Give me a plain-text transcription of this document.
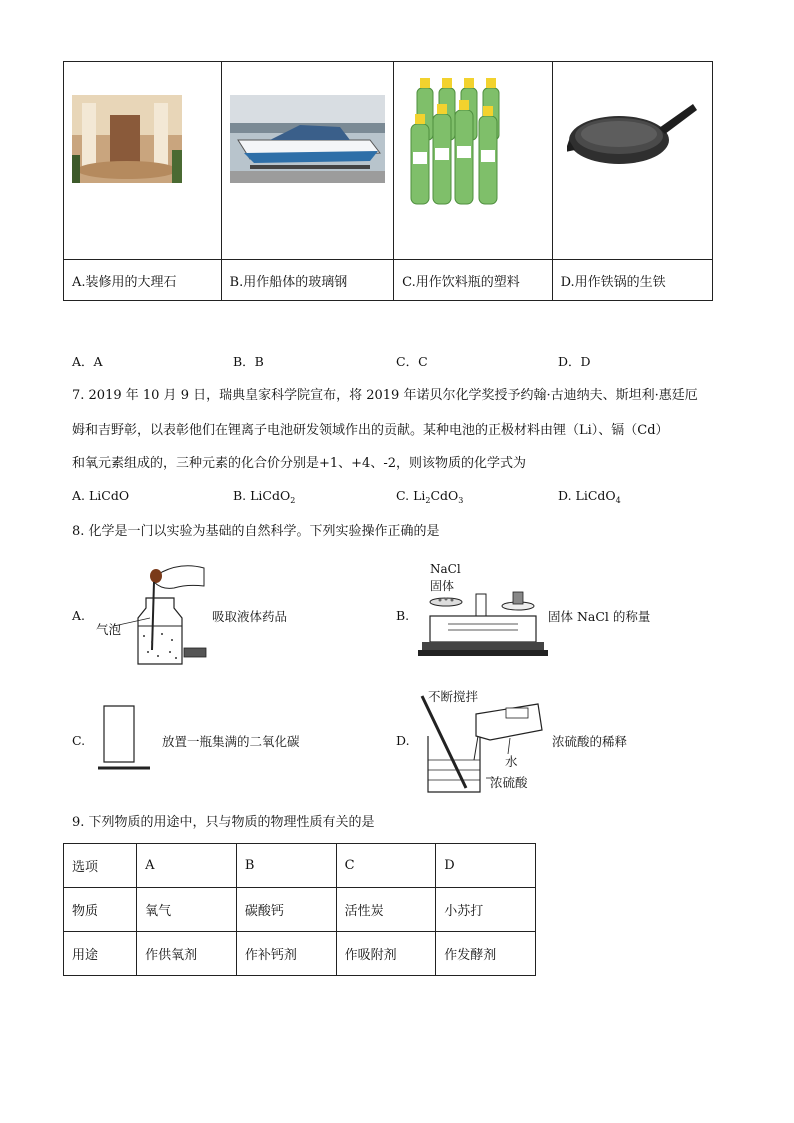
A.装修用的大理石	B.用作船体的玻璃钢	C.用作饮料瓶的塑料	D.用作铁锅的生铁
A．A	B．B	C．C	D．D
7. 2019 年 10 月 9 日，瑞典皇家科学院宣布，将 2019 年诺贝尔化学奖授予约翰·古迪纳夫、斯坦利·惠廷厄
姆和吉野彰，以表彰他们在锂离子电池研发领域作出的贡献。某种电池的正极材料由锂（Li）、镉（Cd）
和氧元素组成的，三种元素的化合价分别是+1、+4、-2，则该物质的化学式为
A. LiCdO	B. LiCdO$_2$	C. $Li_2CdO_3$	D. LiCdO$_4$
8. 化学是一门以实验为基础的自然科学。下列实验操作正确的是
A.
气泡
吸取液体药品	B.
NaCl
固体
固体 NaCl 的称量
C.	放置一瓶集满的二氧化碳	D.
不断搅拌
水
浓硫酸
浓硫酸的稀释
9. 下列物质的用途中，只与物质的物理性质有关的是
选项	A	B	C	D
物质	氧气	碳酸钙	活性炭	小苏打
用途	作供氧剂	作补钙剂	作吸附剂	作发酵剂
